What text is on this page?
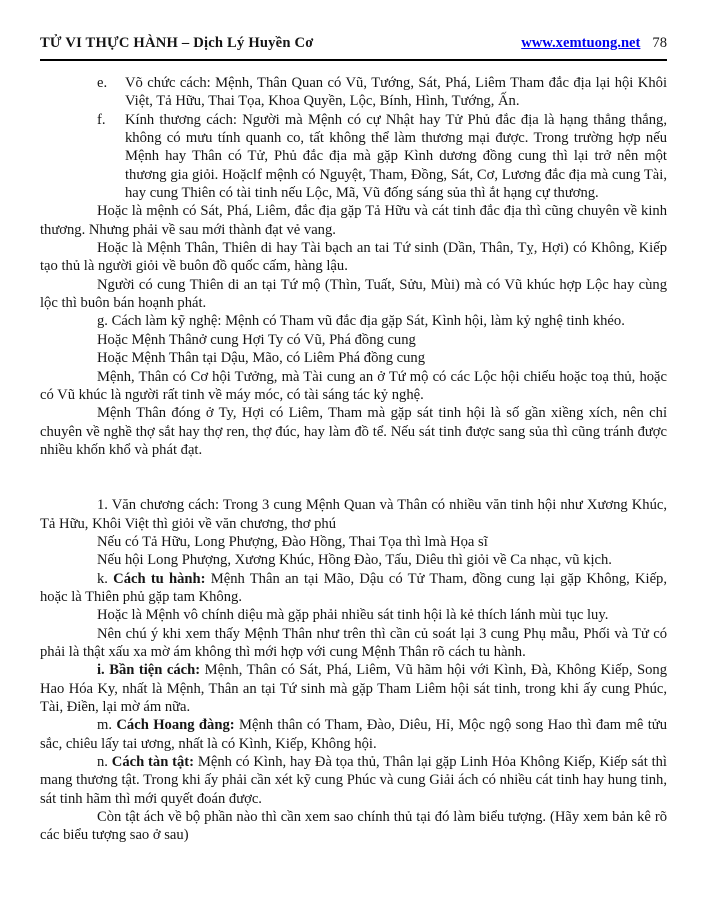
TỬ VI THỰC HÀNH – Dịch Lý Huyền Cơ	www.xemtuong.net 78

e. Võ chức cách: Mệnh, Thân Quan có Vũ, Tướng, Sát, Phá, Liêm Tham đắc địa lại hội Khôi Việt, Tả Hữu, Thai Tọa, Khoa Quyền, Lộc, Bính, Hình, Tướng, Ấn.

f. Kính thương cách: Người mà Mệnh có cự Nhật hay Tử Phủ đắc địa là hạng thẳng thắng, không có mưu tính quanh co, tất không thể làm thương mại được. Trong trường hợp nếu Mệnh hay Thân có Tử, Phủ đắc địa mà gặp Kình dương đồng cung thì lại trở nên một thương gia giỏi. Hoặclf mệnh có Nguyệt, Tham, Đồng, Sát, Cơ, Lương đắc địa mà cung Tài, hay cung Thiên có tài tinh nếu Lộc, Mã, Vũ đống sáng sủa thì ắt hạng cự thương.

Hoặc là mệnh có Sát, Phá, Liêm, đắc địa gặp Tả Hữu và cát tinh đắc địa thì cũng chuyên về kinh thương. Nhưng phải về sau mới thành đạt vẻ vang.

Hoặc là Mệnh Thân, Thiên di hay Tài bạch an tai Tứ sinh (Dần, Thân, Tỵ, Hợi) có Không, Kiếp tạo thủ là người giỏi về buôn đồ quốc cấm, hàng lậu.

Người có cung Thiên di an tại Tứ mộ (Thìn, Tuất, Sửu, Mùi) mà có Vũ khúc hợp Lộc hay cùng lộc thì buôn bán hoạnh phát.

g. Cách làm kỹ nghệ: Mệnh có Tham vũ đắc địa gặp Sát, Kình hội, làm kỷ nghệ tinh khéo.

Hoặc Mệnh Thânở cung Hợi Ty có Vũ, Phá đồng cung

Hoặc Mệnh Thân tại Dậu, Mão, có Liêm Phá đồng cung

Mệnh, Thân có Cơ hội Tưởng, mà Tài cung an ở Tứ mộ có các Lộc hội chiếu hoặc toạ thủ, hoặc có Vũ khúc là người rất tinh về máy móc, có tài sáng tác kỷ nghệ.

Mệnh Thân đóng ở Ty, Hợi có Liêm, Tham mà gặp sát tinh hội là số gần xiềng xích, nên chỉ chuyên về nghề thợ sắt hay thợ ren, thợ đúc, hay làm đồ tể. Nếu sát tinh được sang sủa thì cũng tránh được nhiều khốn khổ và phát đạt.

1. Văn chương cách: Trong 3 cung Mệnh Quan và Thân có nhiều văn tinh hội như Xương Khúc, Tả Hữu, Khôi Việt thì giỏi về văn chương, thơ phú

Nếu có Tả Hữu, Long Phượng, Đào Hồng, Thai Tọa thì lmà Họa sĩ

Nếu hội Long Phượng, Xương Khúc, Hồng Đào, Tấu, Diêu thì giỏi về Ca nhạc, vũ kịch.

k. Cách tu hành: Mệnh Thân an tại Mão, Dậu có Tử Tham, đồng cung lại gặp Không, Kiếp, hoặc là Thiên phủ gặp tam Không.

Hoặc là Mệnh vô chính diệu mà gặp phải nhiều sát tinh hội là kẻ thích lánh mùi tục luy.

Nên chú ý khi xem thấy Mệnh Thân như trên thì cần củ soát lại 3 cung Phụ mẫu, Phối và Tử có phải là thật xấu xa mờ ám không thì mới hợp với cung Mệnh Thân rõ cách tu hành.

i. Bần tiện cách: Mệnh, Thân có Sát, Phá, Liêm, Vũ hãm hội với Kình, Đà, Không Kiếp, Song Hao Hóa Ky, nhất là Mệnh, Thân an tại Tứ sinh mà gặp Tham Liêm hội sát tinh, trong khi ấy cung Phúc, Tài, Điền, lại mờ ám nữa.

m. Cách Hoang đàng: Mệnh thân có Tham, Đào, Diêu, Hỉ, Mộc ngộ song Hao thì đam mê tửu sắc, chiêu lấy tai ương, nhất là có Kình, Kiếp, Không hội.

n. Cách tàn tật: Mệnh có Kình, hay Đà tọa thủ, Thân lại gặp Linh Hỏa Không Kiếp, Kiếp sát thì mang thương tật. Trong khi ấy phải cần xét kỹ cung Phúc và cung Giải ách có nhiều cát tinh hay hung tinh, sát tinh hãm thì mới quyết đoán được.

Còn tật ách về bộ phần nào thì cần xem sao chính thủ tại đó làm biểu tượng. (Hãy xem bản kê rõ các biểu tượng sao ở sau)
